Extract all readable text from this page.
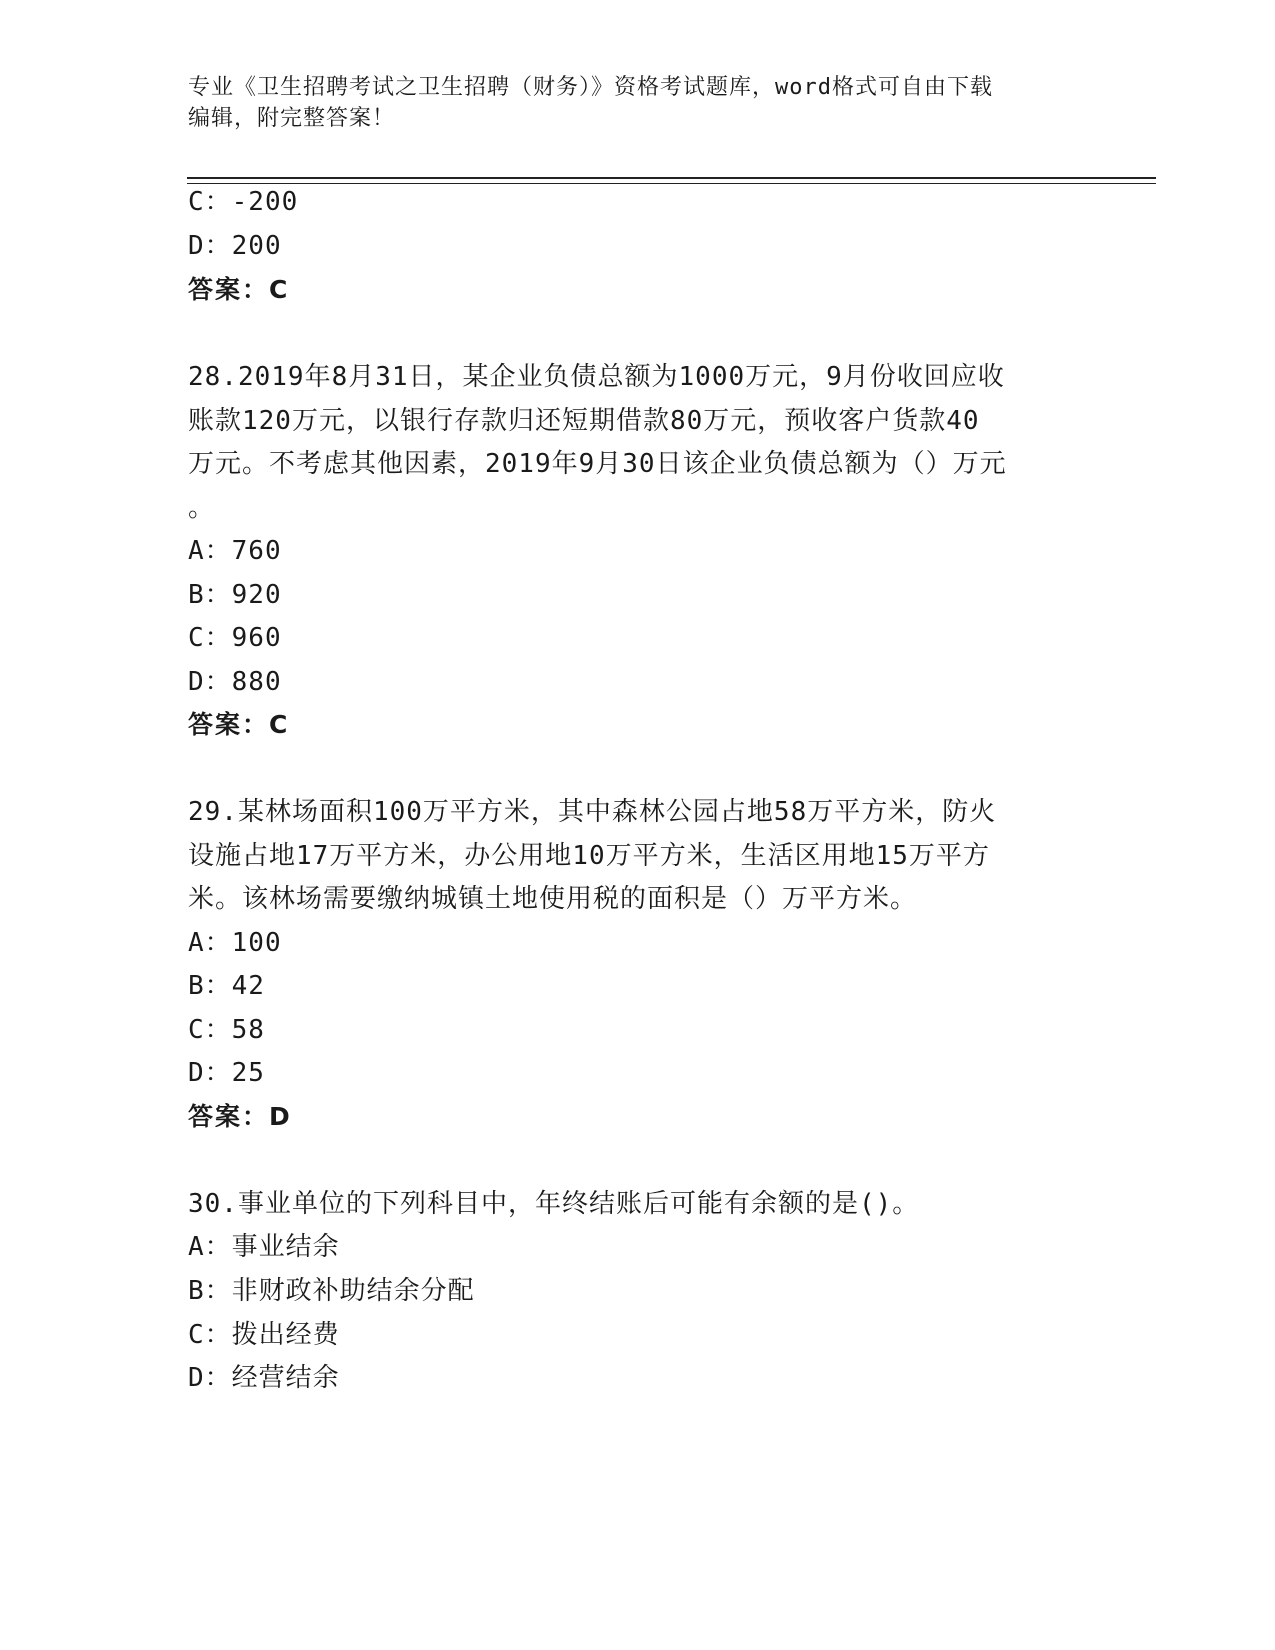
专业《卫生招聘考试之卫生招聘（财务）》资格考试题库，word格式可自由下载
编辑，附完整答案！
C：-200
D：200
答案：C
28.2019年8月31日，某企业负债总额为1000万元，9月份收回应收
账款120万元，以银行存款归还短期借款80万元，预收客户货款40
万元。不考虑其他因素，2019年9月30日该企业负债总额为（）万元
。
A：760
B：920
C：960
D：880
答案：C
29.某林场面积100万平方米，其中森林公园占地58万平方米，防火
设施占地17万平方米，办公用地10万平方米，生活区用地15万平方
米。该林场需要缴纳城镇土地使用税的面积是（）万平方米。
A：100
B：42
C：58
D：25
答案：D
30.事业单位的下列科目中，年终结账后可能有余额的是()。
A：事业结余
B：非财政补助结余分配
C：拨出经费
D：经营结余
